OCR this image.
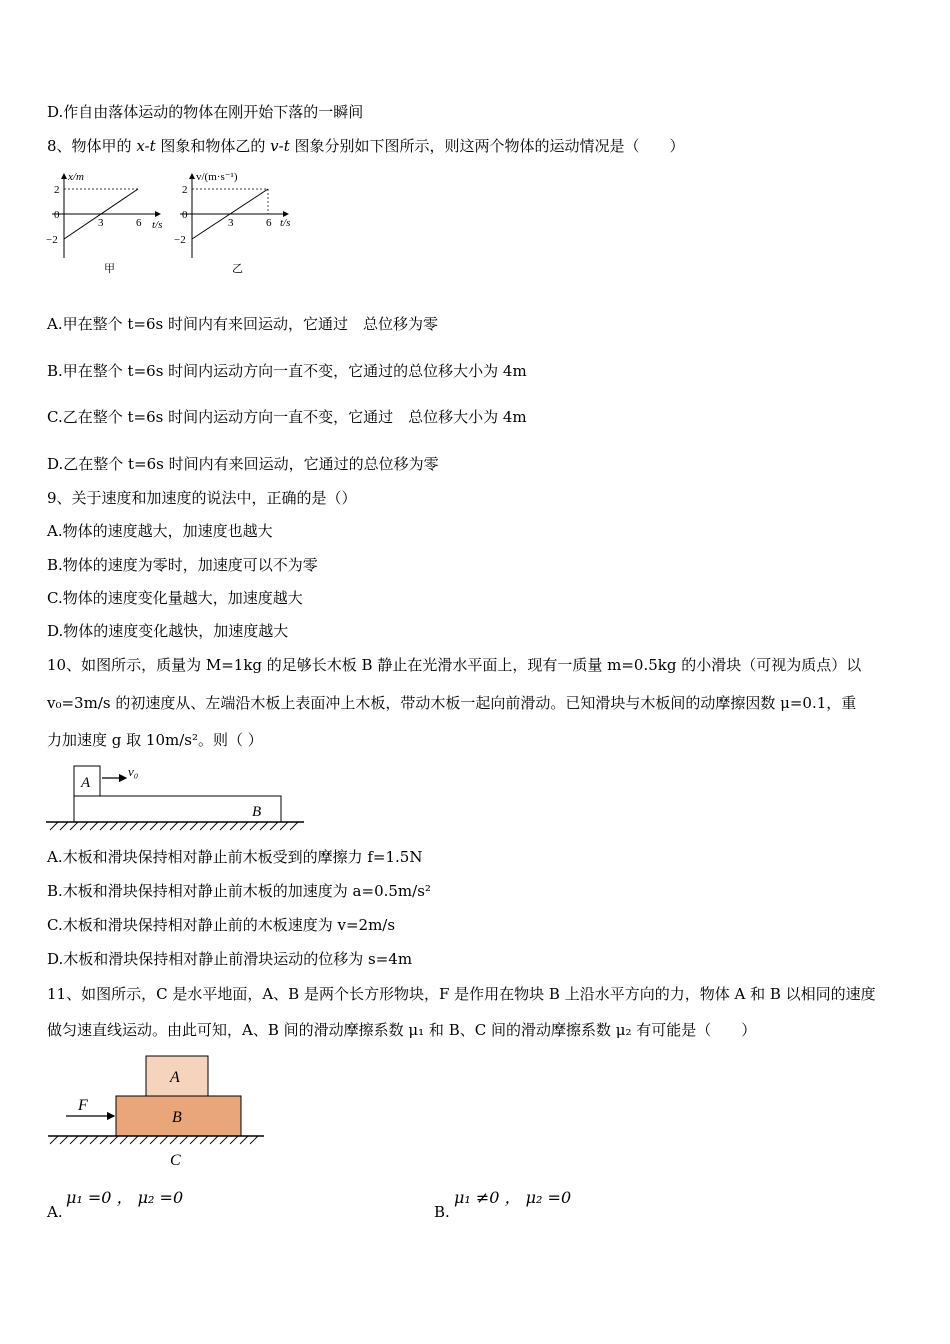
D.作自由落体运动的物体在刚开始下落的一瞬间
8、物体甲的 x-t 图象和物体乙的 v-t 图象分别如下图所示，则这两个物体的运动情况是（　　）
x/m
2
0
−2
3	6 t/s
甲
v/(m·s⁻¹)
2
0
−2
3	6 t/s
乙
A.甲在整个 t=6s 时间内有来回运动，它通过　总位移为零
B.甲在整个 t=6s 时间内运动方向一直不变，它通过的总位移大小为 4m
C.乙在整个 t=6s 时间内运动方向一直不变，它通过　总位移大小为 4m
D.乙在整个 t=6s 时间内有来回运动，它通过的总位移为零
9、关于速度和加速度的说法中，正确的是（）
A.物体的速度越大，加速度也越大
B.物体的速度为零时，加速度可以不为零
C.物体的速度变化量越大，加速度越大
D.物体的速度变化越快，加速度越大
10、如图所示，质量为 M=1kg 的足够长木板 B 静止在光滑水平面上，现有一质量 m=0.5kg 的小滑块（可视为质点）以
v₀=3m/s 的初速度从、左端沿木板上表面冲上木板，带动木板一起向前滑动。已知滑块与木板间的动摩擦因数 μ=0.1，重
力加速度 g 取 10m/s²。则（ ）
A
v₀
B
A.木板和滑块保持相对静止前木板受到的摩擦力 f=1.5N
B.木板和滑块保持相对静止前木板的加速度为 a=0.5m/s²
C.木板和滑块保持相对静止前的木板速度为 v=2m/s
D.木板和滑块保持相对静止前滑块运动的位移为 s=4m
11、如图所示，C 是水平地面，A、B 是两个长方形物块，F 是作用在物块 B 上沿水平方向的力，物体 A 和 B 以相同的速度
做匀速直线运动。由此可知，A、B 间的滑动摩擦系数 μ₁ 和 B、C 间的滑动摩擦系数 μ₂ 有可能是（　　）
A
B
F
C
A.
μ₁ =0 ， μ₂ =0
B.
μ₁ ≠0 ， μ₂ =0
